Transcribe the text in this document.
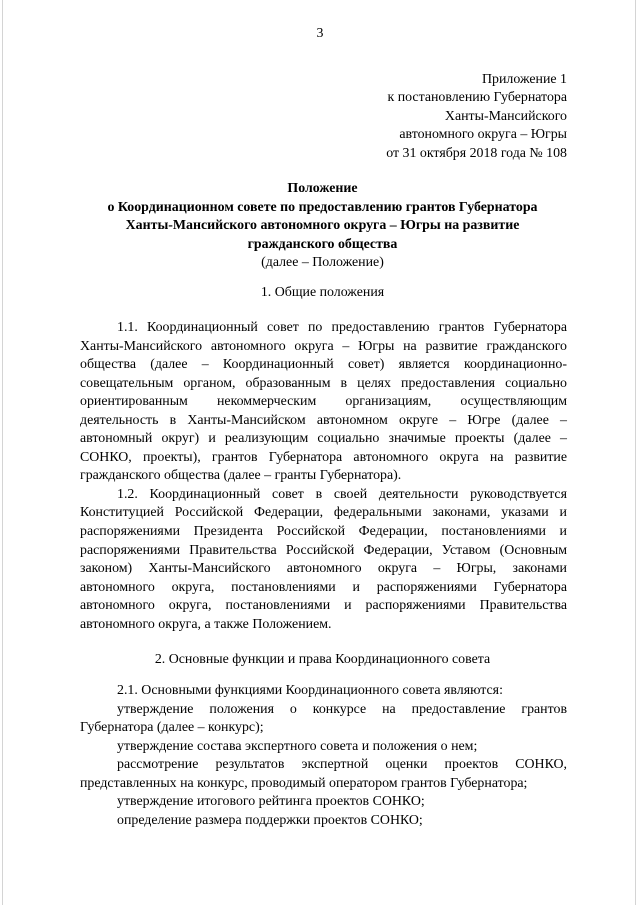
3
Приложение 1
к постановлению Губернатора
Ханты-Мансийского
автономного округа – Югры
от 31 октября 2018 года № 108
Положение
о Координационном совете по предоставлению грантов Губернатора
Ханты-Мансийского автономного округа – Югры на развитие
гражданского общества
(далее – Положение)
1. Общие положения

1.1. Координационный совет по предоставлению грантов Губернатора Ханты-Мансийского автономного округа – Югры на развитие гражданского общества (далее – Координационный совет) является координационно-совещательным органом, образованным в целях предоставления социально ориентированным некоммерческим организациям, осуществляющим деятельность в Ханты-Мансийском автономном округе – Югре (далее – автономный округ) и реализующим социально значимые проекты (далее – СОНКО, проекты), грантов Губернатора автономного округа на развитие гражданского общества (далее – гранты Губернатора).

1.2. Координационный совет в своей деятельности руководствуется Конституцией Российской Федерации, федеральными законами, указами и распоряжениями Президента Российской Федерации, постановлениями и распоряжениями Правительства Российской Федерации, Уставом (Основным законом) Ханты-Мансийского автономного округа – Югры, законами автономного округа, постановлениями и распоряжениями Губернатора автономного округа, постановлениями и распоряжениями Правительства автономного округа, а также Положением.

2. Основные функции и права Координационного совета

2.1. Основными функциями Координационного совета являются:

утверждение положения о конкурсе на предоставление грантов Губернатора (далее – конкурс);

утверждение состава экспертного совета и положения о нем;

рассмотрение результатов экспертной оценки проектов СОНКО, представленных на конкурс, проводимый оператором грантов Губернатора;

утверждение итогового рейтинга проектов СОНКО;

определение размера поддержки проектов СОНКО;
